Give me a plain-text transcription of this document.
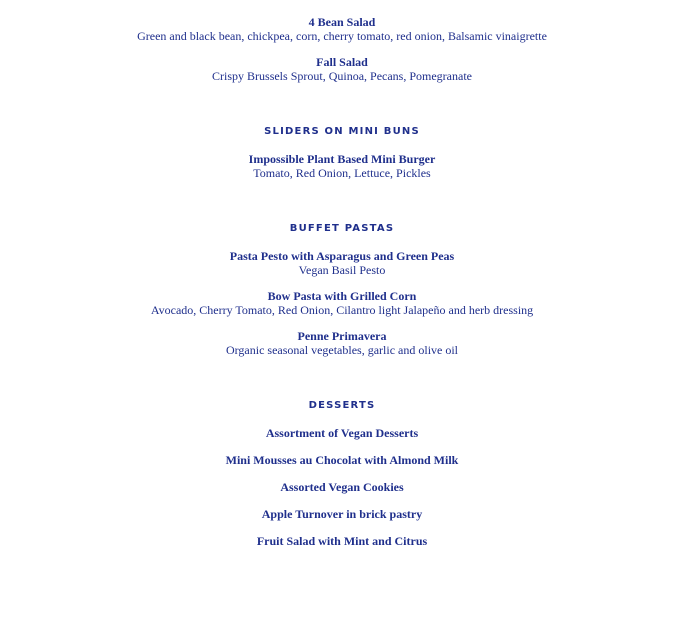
4 Bean Salad
Green and black bean, chickpea, corn, cherry tomato, red onion, Balsamic vinaigrette
Fall Salad
Crispy Brussels Sprout, Quinoa, Pecans, Pomegranate
SLIDERS ON MINI BUNS
Impossible Plant Based Mini Burger
Tomato, Red Onion, Lettuce, Pickles
BUFFET PASTAS
Pasta Pesto with Asparagus and Green Peas
Vegan Basil Pesto
Bow Pasta with Grilled Corn
Avocado, Cherry Tomato, Red Onion, Cilantro light Jalapeño and herb dressing
Penne Primavera
Organic seasonal vegetables, garlic and olive oil
DESSERTS
Assortment of Vegan Desserts
Mini Mousses au Chocolat with Almond Milk
Assorted Vegan Cookies
Apple Turnover in brick pastry
Fruit Salad with Mint and Citrus
